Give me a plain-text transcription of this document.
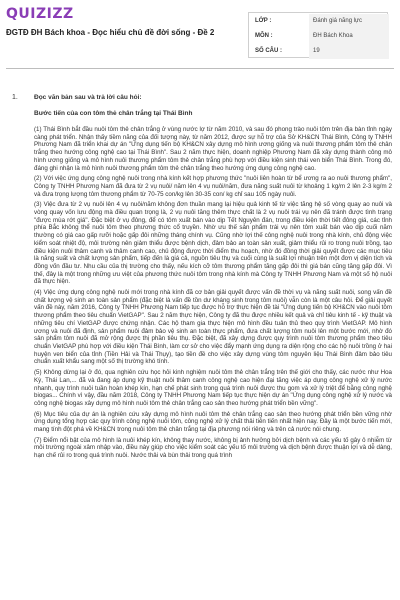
QUIZIZZ
ĐGTĐ ĐH Bách khoa - Đọc hiểu chủ đề đời sống - Đề 2
LỚP :	Đánh giá năng lực
MÔN :	ĐH Bách Khoa
SỐ CÂU :	19
1. Đọc văn bản sau và trả lời câu hỏi:
Bước tiến của con tôm thẻ chân trắng tại Thái Bình

(1) Thái Bình bắt đầu nuôi tôm thẻ chân trắng ở vùng nước lợ từ năm 2010, và sau đó phong trào nuôi tôm trên địa bàn tỉnh ngày càng phát triển. Nhận thấy tiềm năng của đối tượng này, từ năm 2012, được sự hỗ trợ của Sở KH&CN Thái Bình, Công ty TNHH Phương Nam đã triển khai dự án "Ứng dụng tiến bộ KH&CN xây dựng mô hình ương giống và nuôi thương phẩm tôm thẻ chân trắng theo hướng công nghệ cao tại Thái Bình". Sau 2 năm thực hiện, doanh nghiệp Phương Nam đã xây dựng thành công mô hình ương giống và mô hình nuôi thương phẩm tôm thẻ chân trắng phù hợp với điều kiện sinh thái ven biển Thái Bình. Trong đó, đáng ghi nhận là mô hình nuôi thương phẩm tôm thẻ chân trắng theo hướng ứng dụng công nghệ cao.

(2) Với việc ứng dụng công nghệ nuôi trong nhà kính kết hợp phương thức "nuôi liên hoàn từ bể ương ra ao nuôi thương phẩm", Công ty TNHH Phương Nam đã đưa từ 2 vụ nuôi/ năm lên 4 vụ nuôi/năm, đưa năng suất nuôi từ khoảng 1 kg/m 2 lên 2-3 kg/m 2 và đưa trọng lượng tôm thương phẩm từ 70-75 con/kg lên 30-35 con/ kg chỉ sau 105 ngày nuôi.

(3) Việc đưa từ 2 vụ nuôi lên 4 vụ nuôi/năm không đơn thuần mang lại hiệu quả kinh tế từ việc tăng hệ số vòng quay ao nuôi và vòng quay vốn lưu động mà điều quan trọng là, 2 vụ nuôi tăng thêm thực chất là 2 vụ nuôi trái vụ nên đã tránh được tình trạng "được mùa rớt giá". Đặc biệt ở vụ đông, để có tôm xuất bán vào dịp Tết Nguyên đán, trong điều kiện thời tiết đông giá, các tỉnh phía Bắc không thể nuôi tôm theo phương thức cổ truyền. Nhờ ưu thế sản phẩm trái vụ nên tôm xuất bán vào dịp cuối năm thường có giá cao gấp rưỡi hoặc gấp đôi những tháng chính vụ. Cũng nhờ lợi thế công nghệ nuôi trong nhà kính, chủ động việc kiểm soát nhiệt độ, môi trường nên giảm thiểu được bệnh dịch, đảm bảo an toàn sản xuất, giảm thiểu rủi ro trong nuôi trồng, tạo điều kiện nuôi thâm canh và thâm canh cao, chủ động được thời điểm thu hoạch, nhờ đó đồng thời giải quyết được các mục tiêu là năng suất và chất lượng sản phẩm, tiếp đến là giá cả, nguồn tiêu thụ và cuối cùng là suất lợi nhuận trên một đơn vị diện tích và đồng vốn đầu tư. Nhu cầu của thị trường cho thấy, nếu kích cỡ tôm thương phẩm tăng gấp đôi thì giá bán cũng tăng gấp đôi. Vì thế, đây là một trong những ưu việt của phương thức nuôi tôm trong nhà kính mà Công ty TNHH Phương Nam và một số hộ nuôi đã thực hiện.

(4) Việc ứng dụng công nghệ nuôi mới trong nhà kính đã cơ bản giải quyết được vấn đề thời vụ và năng suất nuôi, song vấn đề chất lượng vệ sinh an toàn sản phẩm (đặc biệt là vấn đề tồn dư kháng sinh trong tôm nuôi) vẫn còn là một câu hỏi. Để giải quyết vấn đề này, năm 2016, Công ty TNHH Phương Nam tiếp tục được hỗ trợ thực hiện đề tài "Ứng dụng tiến bộ KH&CN vào nuôi tôm thương phẩm theo tiêu chuẩn VietGAP". Sau 2 năm thực hiện, Công ty đã thu được nhiều kết quả và chỉ tiêu kinh tế - kỹ thuật và những tiêu chí VietGAP được chứng nhận. Các hộ tham gia thực hiện mô hình đều tuân thủ theo quy trình VietGAP. Mô hình ương và nuôi đã định, sản phẩm nuôi đảm bảo vệ sinh an toàn thực phẩm, đưa chất lượng tôm nuôi lên một bước mới, nhờ đó sản phẩm tôm nuôi đã mở rộng được thị phần tiêu thụ. Đặc biệt, đã xây dựng được quy trình nuôi tôm thương phẩm theo tiêu chuẩn VietGAP phù hợp với điều kiện Thái Bình, làm cơ sở cho việc đẩy mạnh ứng dụng ra diện rộng cho các hộ nuôi trồng ở hai huyện ven biển của tỉnh (Tiền Hải và Thái Thụy), tạo tiền đề cho việc xây dựng vùng tôm nguyên liệu Thái Bình đảm bảo tiêu chuẩn xuất khẩu sang một số thị trường khó tính.

(5) Không dừng lại ở đó, qua nghiên cứu học hỏi kinh nghiệm nuôi tôm thẻ chân trắng trên thế giới cho thấy, các nước như Hoa Kỳ, Thái Lan,... đã và đang áp dụng kỹ thuật nuôi thâm canh công nghệ cao hiện đại tăng việc áp dụng công nghệ xử lý nước nhanh, quy trình nuôi tuần hoàn khép kín, hạn chế phát sinh trong quá trình nuôi được thu gom và xử lý triệt để bằng công nghệ biogas... Chính vì vậy, đầu năm 2018, Công ty TNHH Phương Nam tiếp tục thực hiện dự án "Ứng dụng công nghệ xử lý nước và công nghệ biogas xây dựng mô hình nuôi tôm thẻ chân trắng cao sản theo hướng phát triển bền vững".

(6) Mục tiêu của dự án là nghiên cứu xây dựng mô hình nuôi tôm thẻ chân trắng cao sản theo hướng phát triển bền vững nhờ ứng dụng tổng hợp các quy trình công nghệ nuôi tôm, công nghệ xử lý chất thải tiên tiến nhất hiện nay. Đây là một bước tiến mới, mang tính đột phá về KH&CN trong nuôi tôm thẻ chân trắng tại địa phương nói riêng và trên cả nước nói chung.

(7) Điểm nổi bật của mô hình là nuôi khép kín, không thay nước, không bị ảnh hưởng bởi dịch bệnh và các yếu tố gây ô nhiễm từ môi trường ngoài xâm nhập vào, điều này giúp cho việc kiểm soát các yếu tố môi trường và dịch bệnh được thuận lợi và dễ dàng, hạn chế rủi ro trong quá trình nuôi. Nước thải và bùn thải trong quá trình
